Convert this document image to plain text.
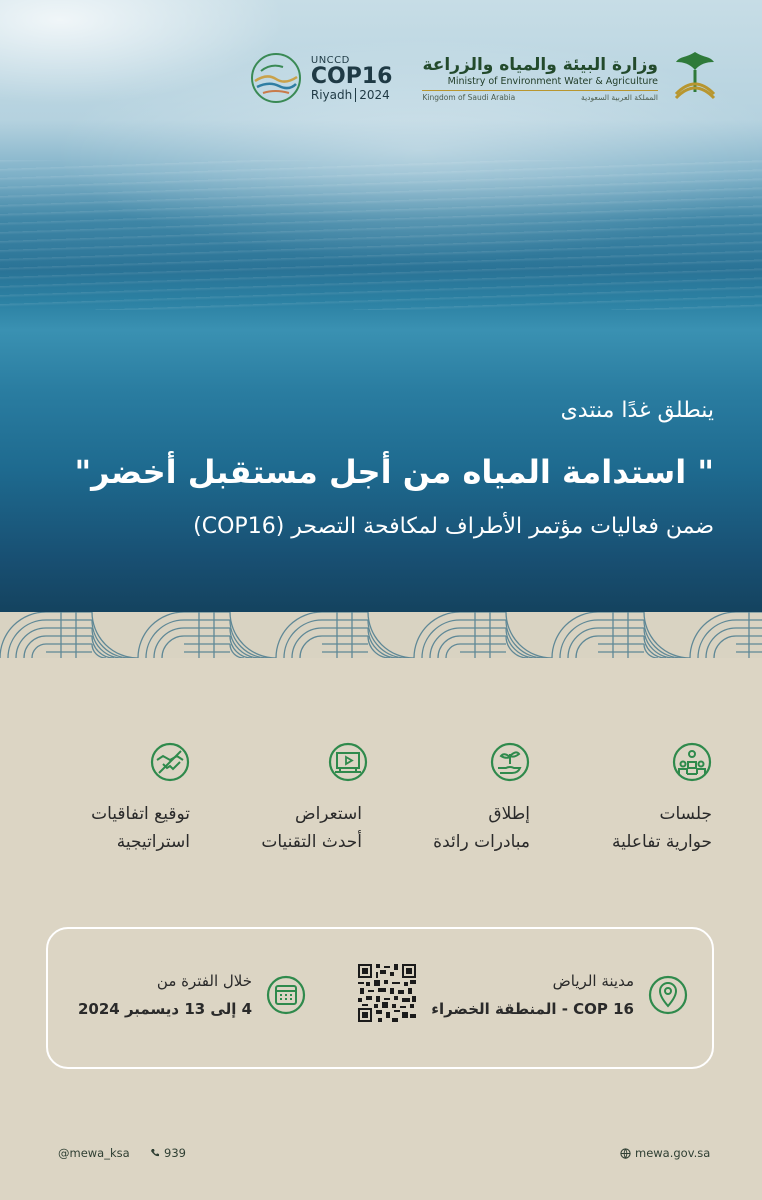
UNCCD
COP16
Riyadh 2024
وزارة البيئة والمياه والزراعة
Ministry of Environment Water & Agriculture
Kingdom of Saudi Arabia	المملكة العربية السعودية
ينطلق غدًا منتدى
" استدامة المياه من أجل مستقبل أخضر"
ضمن فعاليات مؤتمر الأطراف لمكافحة التصحر (COP16)
جلسات
حوارية تفاعلية
إطلاق
مبادرات رائدة
استعراض
أحدث التقنيات
توقيع اتفاقيات
استراتيجية
مدينة الرياض
COP 16 - المنطقة الخضراء
خلال الفترة من
4 إلى 13 ديسمبر 2024
@mewa_ksa	939	mewa.gov.sa
